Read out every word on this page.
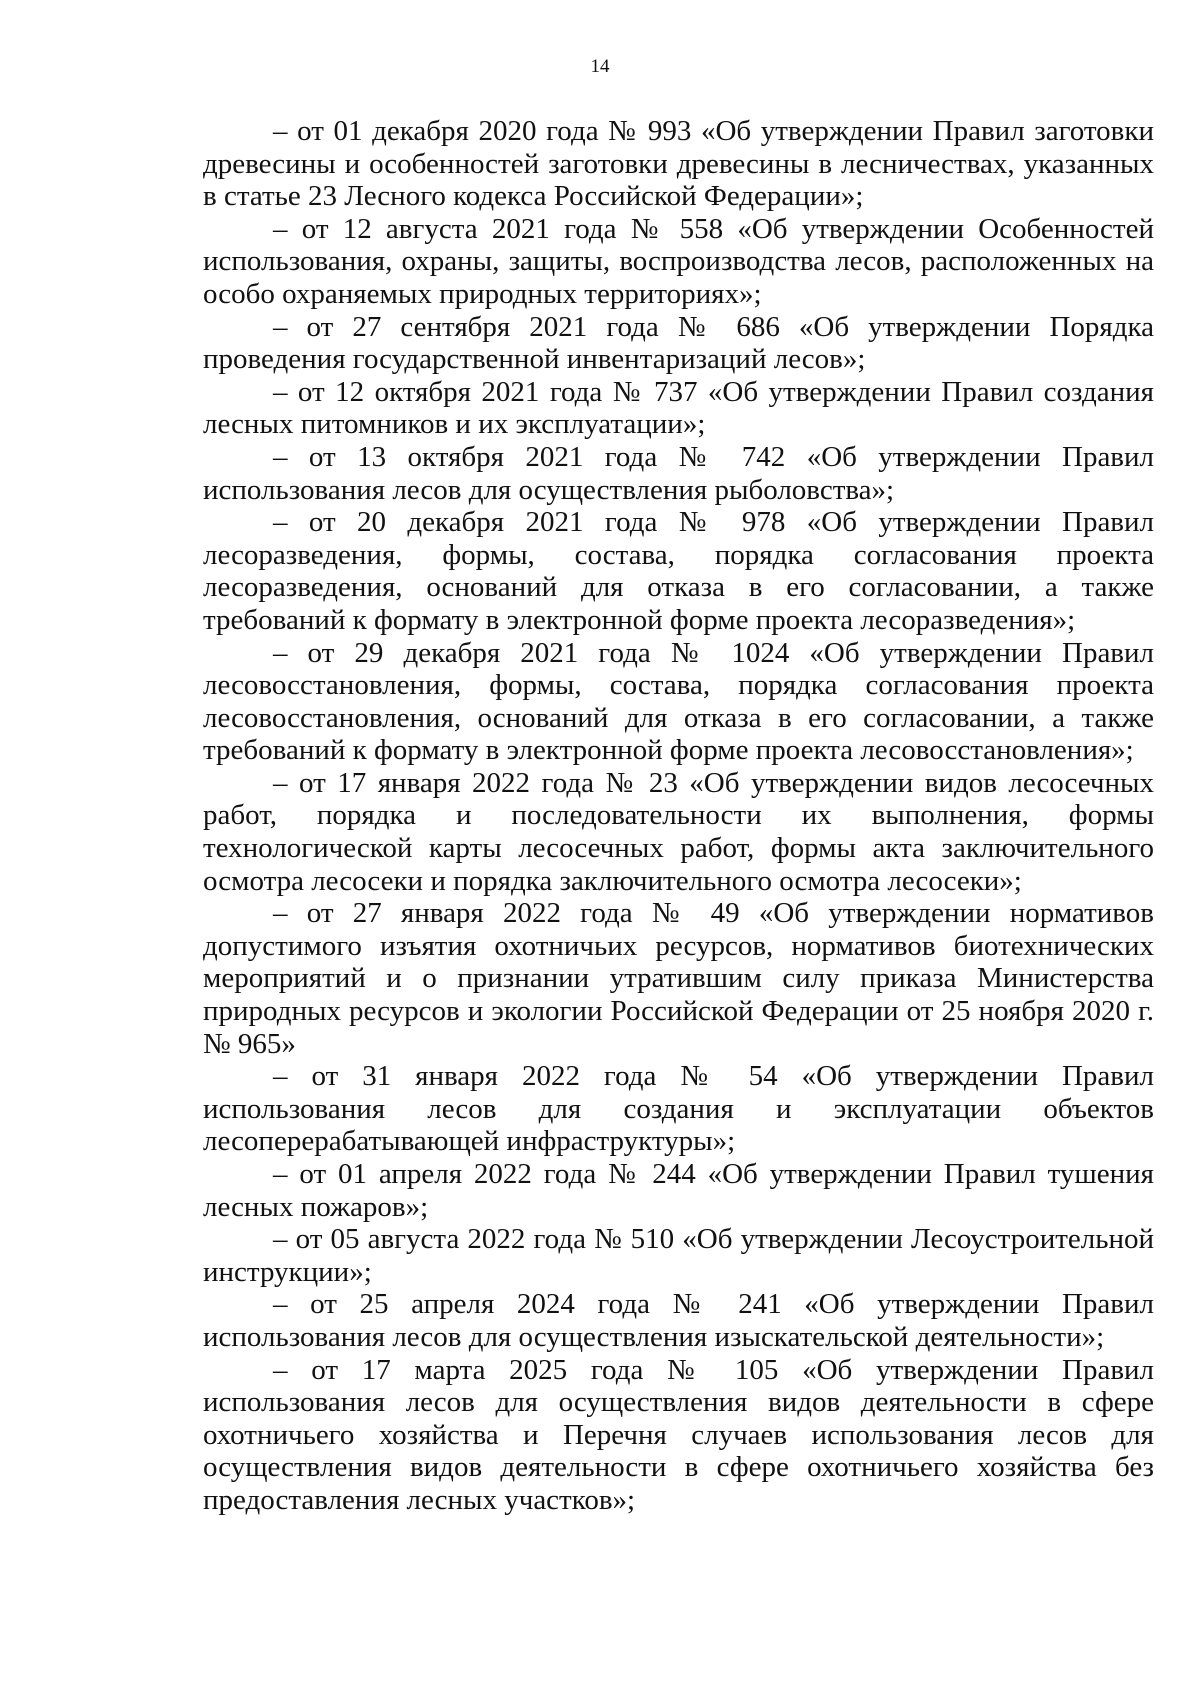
14
– от 01 декабря 2020 года № 993 «Об утверждении Правил заготовки древесины и особенностей заготовки древесины в лесничествах, указанных в статье 23 Лесного кодекса Российской Федерации»;
– от 12 августа 2021 года № 558 «Об утверждении Особенностей использования, охраны, защиты, воспроизводства лесов, расположенных на особо охраняемых природных территориях»;
– от 27 сентября 2021 года № 686 «Об утверждении Порядка проведения государственной инвентаризаций лесов»;
– от 12 октября 2021 года № 737 «Об утверждении Правил создания лесных питомников и их эксплуатации»;
– от 13 октября 2021 года № 742 «Об утверждении Правил использования лесов для осуществления рыболовства»;
– от 20 декабря 2021 года № 978 «Об утверждении Правил лесоразведения, формы, состава, порядка согласования проекта лесоразведения, оснований для отказа в его согласовании, а также требований к формату в электронной форме проекта лесоразведения»;
– от 29 декабря 2021 года № 1024 «Об утверждении Правил лесовосстановления, формы, состава, порядка согласования проекта лесовосстановления, оснований для отказа в его согласовании, а также требований к формату в электронной форме проекта лесовосстановления»;
– от 17 января 2022 года № 23 «Об утверждении видов лесосечных работ, порядка и последовательности их выполнения, формы технологической карты лесосечных работ, формы акта заключительного осмотра лесосеки и порядка заключительного осмотра лесосеки»;
– от 27 января 2022 года № 49 «Об утверждении нормативов допустимого изъятия охотничьих ресурсов, нормативов биотехнических мероприятий и о признании утратившим силу приказа Министерства природных ресурсов и экологии Российской Федерации от 25 ноября 2020 г. № 965»
– от 31 января 2022 года № 54 «Об утверждении Правил использования лесов для создания и эксплуатации объектов лесоперерабатывающей инфраструктуры»;
– от 01 апреля 2022 года № 244 «Об утверждении Правил тушения лесных пожаров»;
– от 05 августа 2022 года № 510 «Об утверждении Лесоустроительной инструкции»;
– от 25 апреля 2024 года № 241 «Об утверждении Правил использования лесов для осуществления изыскательской деятельности»;
– от 17 марта 2025 года № 105 «Об утверждении Правил использования лесов для осуществления видов деятельности в сфере охотничьего хозяйства и Перечня случаев использования лесов для осуществления видов деятельности в сфере охотничьего хозяйства без предоставления лесных участков»;
